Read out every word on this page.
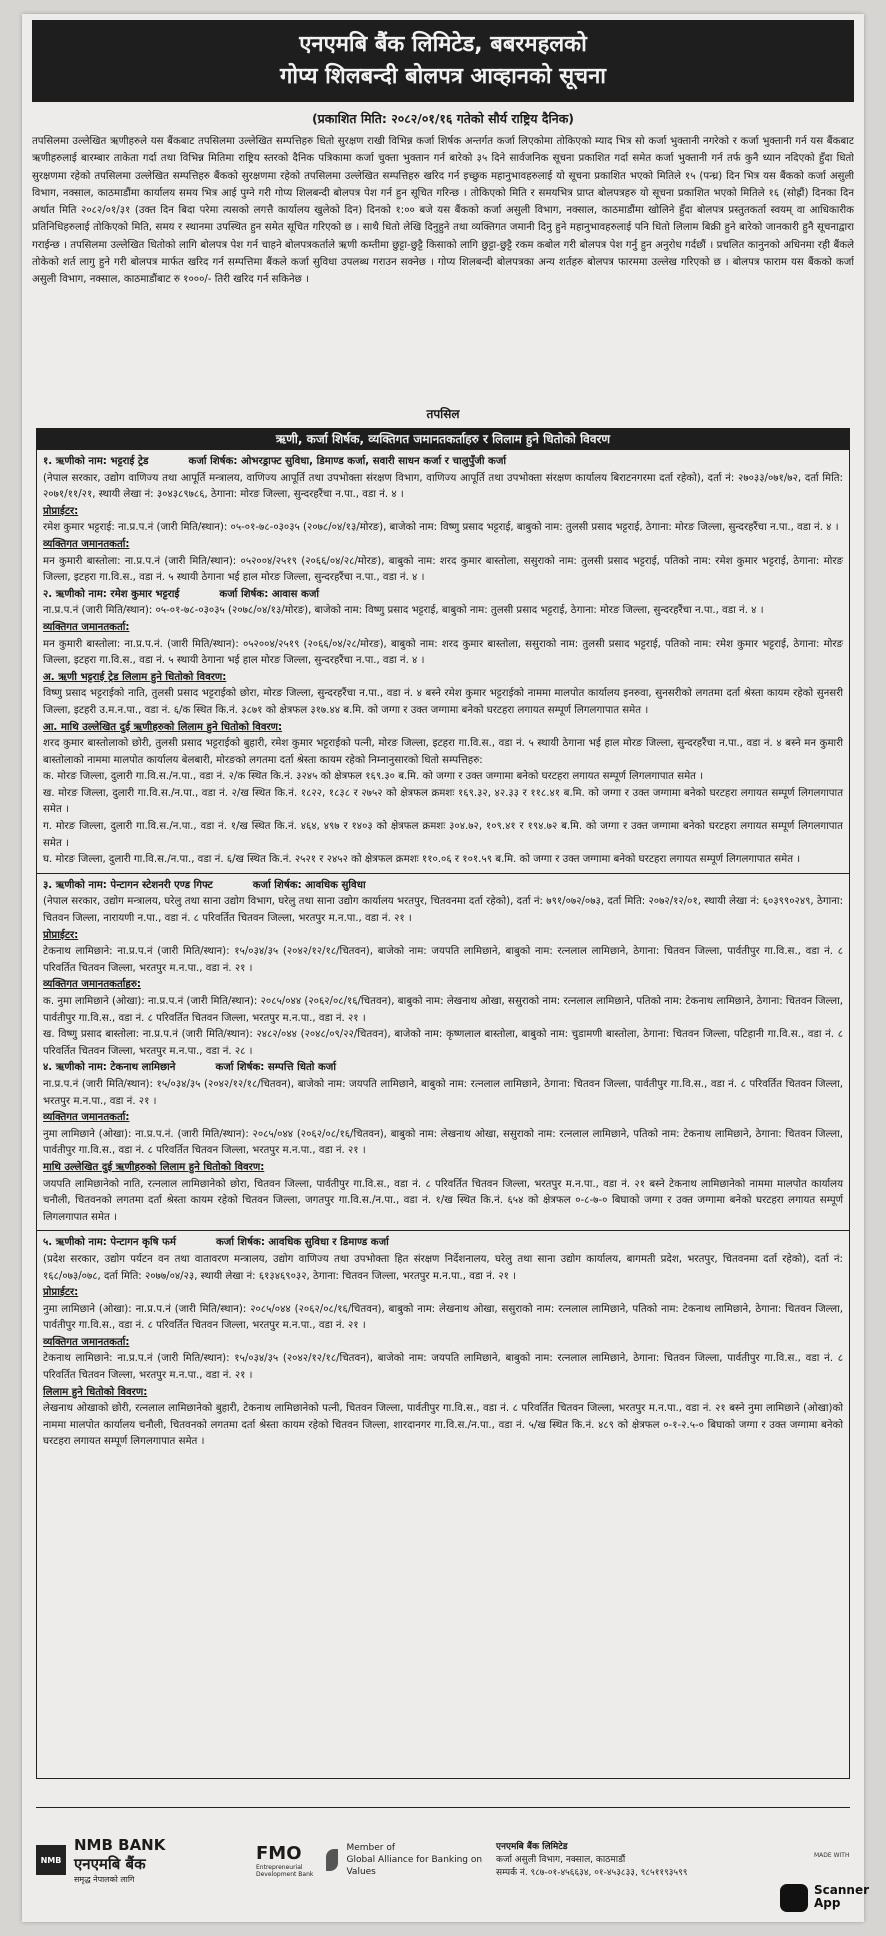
एनएमबि बैंक लिमिटेड, बबरमहलको
गोप्य शिलबन्दी बोलपत्र आव्हानको सूचना
(प्रकाशित मिति: २०८२/०१/१६ गतेको सौर्य राष्ट्रिय दैनिक)
तपसिलमा उल्लेखित ऋणीहरुले यस बैंकबाट तपसिलमा उल्लेखित सम्पत्तिहरु धितो सुरक्षण राखी विभिन्न कर्जा शिर्षक अन्तर्गत कर्जा लिएकोमा तोकिएको म्याद भित्र सो कर्जा भुक्तानी नगरेको र कर्जा भुक्तानी गर्न यस बैंकबाट ऋणीहरुलाई बारम्बार ताकेता गर्दा तथा विभिन्न मितिमा राष्ट्रिय स्तरको दैनिक पत्रिकामा कर्जा चुक्ता भुक्तान गर्न बारेको ३५ दिने सार्वजनिक सूचना प्रकाशित गर्दा समेत कर्जा भुक्तानी गर्न तर्फ कुनै ध्यान नदिएको हुँदा धितो सुरक्षणमा रहेको तपसिलमा उल्लेखित सम्पत्तिहरु बैंकको सुरक्षणमा रहेको तपसिलमा उल्लेखित सम्पत्तिहरु खरिद गर्न इच्छुक महानुभावहरुलाई यो सूचना प्रकाशित भएको मितिले १५ (पन्ध्र) दिन भित्र यस बैंकको कर्जा असुली विभाग, नक्साल, काठमाडौंमा कार्यालय समय भित्र आई पुग्ने गरी गोप्य शिलबन्दी बोलपत्र पेश गर्न हुन सूचित गरिन्छ । तोकिएको मिति र समयभित्र प्राप्त बोलपत्रहरु यो सूचना प्रकाशित भएको मितिले १६ (सोह्रौं) दिनका दिन अर्थात मिति २०८२/०१/३१ (उक्त दिन बिदा परेमा त्यसको लगत्तै कार्यालय खुलेको दिन) दिनको १:०० बजे यस बैंकको कर्जा असुली विभाग, नक्साल, काठमाडौंमा खोलिने हुँदा बोलपत्र प्रस्तुतकर्ता स्वयम् वा आधिकारीक प्रतिनिधिहरुलाई तोकिएको मिति, समय र स्थानमा उपस्थित हुन समेत सूचित गरिएको छ । साथै धितो लेखि दिनुहुने तथा व्यक्तिगत जमानी दिनु हुने महानुभावहरुलाई पनि धितो लिलाम बिक्री हुने बारेको जानकारी हुनै सूचनाद्वारा गराईन्छ । तपसिलमा उल्लेखित धितोको लागि बोलपत्र पेश गर्न चाहने बोलपत्रकर्ताले ऋणी कम्तीमा छुट्टा-छुट्टै किसाको लागि छुट्टा-छुट्टै रकम कबोल गरी बोलपत्र पेश गर्नु हुन अनुरोध गर्दछौं । प्रचलित कानुनको अधिनमा रही बैंकले तोकेको शर्त लागु हुने गरी बोलपत्र मार्फत खरिद गर्न सम्पत्तिमा बैंकले कर्जा सुविधा उपलब्ध गराउन सक्नेछ । गोप्य शिलबन्दी बोलपत्रका अन्य शर्तहरु बोलपत्र फारममा उल्लेख गरिएको छ । बोलपत्र फाराम यस बैंकको कर्जा असुली विभाग, नक्साल, काठमाडौंबाट रु १०००/- तिरी खरिद गर्न सकिनेछ ।
तपसिल
ऋणी, कर्जा शिर्षक, व्यक्तिगत जमानतकर्ताहरु र लिलाम हुने धितोको विवरण
१. ऋणीको नाम: भट्टराई ट्रेड	कर्जा शिर्षक: ओभरड्राफ्ट सुविधा, डिमाण्ड कर्जा, सवारी साधन कर्जा र चालुपुँजी कर्जा

(नेपाल सरकार, उद्योग वाणिज्य तथा आपूर्ति मन्त्रालय, वाणिज्य आपूर्ति तथा उपभोक्ता संरक्षण विभाग, वाणिज्य आपूर्ति तथा उपभोक्ता संरक्षण कार्यालय बिराटनगरमा दर्ता रहेको), दर्ता नं: २७०३३/०७१/७२, दर्ता मिति: २०७१/११/२१, स्थायी लेखा नं: ३०४३८९७८६, ठेगाना: मोरङ जिल्ला, सुन्दरहरैंचा न.पा., वडा नं. ४ ।

प्रोप्राईटर:

रमेश कुमार भट्टराई: ना.प्र.प.नं (जारी मिति/स्थान): ०५-०१-७८-०३०३५ (२०७८/०४/१३/मोरङ), बाजेको नाम: विष्णु प्रसाद भट्टराई, बाबुको नाम: तुलसी प्रसाद भट्टराई, ठेगाना: मोरङ जिल्ला, सुन्दरहरैंचा न.पा., वडा नं. ४ ।

व्यक्तिगत जमानतकर्ता:

मन कुमारी बास्तोला: ना.प्र.प.नं (जारी मिति/स्थान): ०५२००४/२५१९ (२०६६/०४/२८/मोरङ), बाबुको नाम: शरद कुमार बास्तोला, ससुराको नाम: तुलसी प्रसाद भट्टराई, पतिको नाम: रमेश कुमार भट्टराई, ठेगाना: मोरङ जिल्ला, इटहरा गा.वि.स., वडा नं. ५ स्थायी ठेगाना भई हाल मोरङ जिल्ला, सुन्दरहरैंचा न.पा., वडा नं. ४ ।

२. ऋणीको नाम: रमेश कुमार भट्टराई	कर्जा शिर्षक: आवास कर्जा

ना.प्र.प.नं (जारी मिति/स्थान): ०५-०१-७८-०३०३५ (२०७८/०४/१३/मोरङ), बाजेको नाम: विष्णु प्रसाद भट्टराई, बाबुको नाम: तुलसी प्रसाद भट्टराई, ठेगाना: मोरङ जिल्ला, सुन्दरहरैंचा न.पा., वडा नं. ४ ।

व्यक्तिगत जमानतकर्ता:

मन कुमारी बास्तोला: ना.प्र.प.नं. (जारी मिति/स्थान): ०५२००४/२५१९ (२०६६/०४/२८/मोरङ), बाबुको नाम: शरद कुमार बास्तोला, ससुराको नाम: तुलसी प्रसाद भट्टराई, पतिको नाम: रमेश कुमार भट्टराई, ठेगाना: मोरङ जिल्ला, इटहरा गा.वि.स., वडा नं. ५ स्थायी ठेगाना भई हाल मोरङ जिल्ला, सुन्दरहरैंचा न.पा., वडा नं. ४ ।

अ. ऋणी भट्टराई ट्रेड लिलाम हुने धितोको विवरण:

विष्णु प्रसाद भट्टराईको नाति, तुलसी प्रसाद भट्टराईको छोरा, मोरङ जिल्ला, सुन्दरहरैंचा न.पा., वडा नं. ४ बस्ने रमेश कुमार भट्टराईको नाममा मालपोत कार्यालय इनरुवा, सुनसरीको लगतमा दर्ता श्रेस्ता कायम रहेको सुनसरी जिल्ला, इटहरी उ.म.न.पा., वडा नं. ६/क स्थित कि.नं. ३८७१ को क्षेत्रफल ३१७.४४ ब.मि. को जग्गा र उक्त जग्गामा बनेको घरटहरा लगायत सम्पूर्ण लिगलगापात समेत ।

आ. माथि उल्लेखित दुई ऋणीहरुको लिलाम हुने धितोको विवरण:

शरद कुमार बास्तोलाको छोरी, तुलसी प्रसाद भट्टराईको बुहारी, रमेश कुमार भट्टराईको पत्नी, मोरङ जिल्ला, इटहरा गा.वि.स., वडा नं. ५ स्थायी ठेगाना भई हाल मोरङ जिल्ला, सुन्दरहरैंचा न.पा., वडा नं. ४ बस्ने मन कुमारी बास्तोलाको नाममा मालपोत कार्यालय बेलबारी, मोरङको लगतमा दर्ता श्रेस्ता कायम रहेको निम्नानुसारको धितो सम्पत्तिहरु:

क. मोरङ जिल्ला, दुलारी गा.वि.स./न.पा., वडा नं. २/क स्थित कि.नं. ३२४५ को क्षेत्रफल १६९.३० ब.मि. को जग्गा र उक्त जग्गामा बनेको घरटहरा लगायत सम्पूर्ण लिगलगापात समेत ।

ख. मोरङ जिल्ला, दुलारी गा.वि.स./न.पा., वडा नं. २/ख स्थित कि.नं. १८२२, १८३८ र २७५२ को क्षेत्रफल क्रमशः १६९.३२, ४२.३३ र ११८.४१ ब.मि. को जग्गा र उक्त जग्गामा बनेको घरटहरा लगायत सम्पूर्ण लिगलगापात समेत ।

ग. मोरङ जिल्ला, दुलारी गा.वि.स./न.पा., वडा नं. १/ख स्थित कि.नं. ४६४, ४९७ र १४०३ को क्षेत्रफल क्रमशः ३०४.७२, १०९.४१ र १९४.७२ ब.मि. को जग्गा र उक्त जग्गामा बनेको घरटहरा लगायत सम्पूर्ण लिगलगापात समेत ।

घ. मोरङ जिल्ला, दुलारी गा.वि.स./न.पा., वडा नं. ६/ख स्थित कि.नं. २५२१ र २४५२ को क्षेत्रफल क्रमशः ११०.०६ र १०१.५९ ब.मि. को जग्गा र उक्त जग्गामा बनेको घरटहरा लगायत सम्पूर्ण लिगलगापात समेत ।

३. ऋणीको नाम: पेन्टागन स्टेशनरी एण्ड गिफ्ट	कर्जा शिर्षक: आवधिक सुविधा

(नेपाल सरकार, उद्योग मन्त्रालय, घरेलु तथा साना उद्योग विभाग, घरेलु तथा साना उद्योग कार्यालय भरतपुर, चितवनमा दर्ता रहेको), दर्ता नं: ७९१/०७२/०७३, दर्ता मिति: २०७२/१२/०१, स्थायी लेखा नं: ६०३९९०२४९, ठेगाना: चितवन जिल्ला, नारायणी न.पा., वडा नं. ८ परिवर्तित चितवन जिल्ला, भरतपुर म.न.पा., वडा नं. २१ ।

प्रोप्राईटर:

टेकनाथ लामिछाने: ना.प्र.प.नं (जारी मिति/स्थान): १५/०३४/३५ (२०४२/१२/१८/चितवन), बाजेको नाम: जयपति लामिछाने, बाबुको नाम: रत्नलाल लामिछाने, ठेगाना: चितवन जिल्ला, पार्वतीपुर गा.वि.स., वडा नं. ८ परिवर्तित चितवन जिल्ला, भरतपुर म.न.पा., वडा नं. २१ ।

व्यक्तिगत जमानतकर्ताहरु:

क. नुमा लामिछाने (ओखा): ना.प्र.प.नं (जारी मिति/स्थान): २०८५/०४४ (२०६२/०८/१६/चितवन), बाबुको नाम: लेखनाथ ओखा, ससुराको नाम: रत्नलाल लामिछाने, पतिको नाम: टेकनाथ लामिछाने, ठेगाना: चितवन जिल्ला, पार्वतीपुर गा.वि.स., वडा नं. ८ परिवर्तित चितवन जिल्ला, भरतपुर म.न.पा., वडा नं. २१ ।

ख. विष्णु प्रसाद बास्तोला: ना.प्र.प.नं (जारी मिति/स्थान): २४८२/०४४ (२०४८/०९/२२/चितवन), बाजेको नाम: कृष्णलाल बास्तोला, बाबुको नाम: चुडामणी बास्तोला, ठेगाना: चितवन जिल्ला, पटिहानी गा.वि.स., वडा नं. ८ परिवर्तित चितवन जिल्ला, भरतपुर म.न.पा., वडा नं. २८ ।

४. ऋणीको नाम: टेकनाथ लामिछाने	कर्जा शिर्षक: सम्पत्ति धितो कर्जा

ना.प्र.प.नं (जारी मिति/स्थान): १५/०३४/३५ (२०४२/१२/१८/चितवन), बाजेको नाम: जयपति लामिछाने, बाबुको नाम: रत्नलाल लामिछाने, ठेगाना: चितवन जिल्ला, पार्वतीपुर गा.वि.स., वडा नं. ८ परिवर्तित चितवन जिल्ला, भरतपुर म.न.पा., वडा नं. २१ ।

व्यक्तिगत जमानतकर्ता:

नुमा लामिछाने (ओखा): ना.प्र.प.नं. (जारी मिति/स्थान): २०८५/०४४ (२०६२/०८/१६/चितवन), बाबुको नाम: लेखनाथ ओखा, ससुराको नाम: रत्नलाल लामिछाने, पतिको नाम: टेकनाथ लामिछाने, ठेगाना: चितवन जिल्ला, पार्वतीपुर गा.वि.स., वडा नं. ८ परिवर्तित चितवन जिल्ला, भरतपुर म.न.पा., वडा नं. २१ ।

माथि उल्लेखित दुई ऋणीहरुको लिलाम हुने धितोको विवरण:

जयपति लामिछानेको नाति, रत्नलाल लामिछानेको छोरा, चितवन जिल्ला, पार्वतीपुर गा.वि.स., वडा नं. ८ परिवर्तित चितवन जिल्ला, भरतपुर म.न.पा., वडा नं. २१ बस्ने टेकनाथ लामिछानेको नाममा मालपोत कार्यालय चनौली, चितवनको लगतमा दर्ता श्रेस्ता कायम रहेको चितवन जिल्ला, जगतपुर गा.वि.स./न.पा., वडा नं. १/ख स्थित कि.नं. ६५४ को क्षेत्रफल ०-८-७-० बिघाको जग्गा र उक्त जग्गामा बनेको घरटहरा लगायत सम्पूर्ण लिगलगापात समेत ।

५. ऋणीको नाम: पेन्टागन कृषि फर्म	कर्जा शिर्षक: आवधिक सुविधा र डिमाण्ड कर्जा

(प्रदेश सरकार, उद्योग पर्यटन वन तथा वातावरण मन्त्रालय, उद्योग वाणिज्य तथा उपभोक्ता हित संरक्षण निर्देशनालय, घरेलु तथा साना उद्योग कार्यालय, बागमती प्रदेश, भरतपुर, चितवनमा दर्ता रहेको), दर्ता नं: १६८/०७३/०७८, दर्ता मिति: २०७७/०४/२३, स्थायी लेखा नं: ६१३४६९०३२, ठेगाना: चितवन जिल्ला, भरतपुर म.न.पा., वडा नं. २१ ।

प्रोप्राईटर:

नुमा लामिछाने (ओखा): ना.प्र.प.नं (जारी मिति/स्थान): २०८५/०४४ (२०६२/०८/१६/चितवन), बाबुको नाम: लेखनाथ ओखा, ससुराको नाम: रत्नलाल लामिछाने, पतिको नाम: टेकनाथ लामिछाने, ठेगाना: चितवन जिल्ला, पार्वतीपुर गा.वि.स., वडा नं. ८ परिवर्तित चितवन जिल्ला, भरतपुर म.न.पा., वडा नं. २१ ।

व्यक्तिगत जमानतकर्ता:

टेकनाथ लामिछाने: ना.प्र.प.नं (जारी मिति/स्थान): १५/०३४/३५ (२०४२/१२/१८/चितवन), बाजेको नाम: जयपति लामिछाने, बाबुको नाम: रत्नलाल लामिछाने, ठेगाना: चितवन जिल्ला, पार्वतीपुर गा.वि.स., वडा नं. ८ परिवर्तित चितवन जिल्ला, भरतपुर म.न.पा., वडा नं. २१ ।

लिलाम हुने धितोको विवरण:

लेखनाथ ओखाको छोरी, रत्नलाल लामिछानेको बुहारी, टेकनाथ लामिछानेको पत्नी, चितवन जिल्ला, पार्वतीपुर गा.वि.स., वडा नं. ८ परिवर्तित चितवन जिल्ला, भरतपुर म.न.पा., वडा नं. २१ बस्ने नुमा लामिछाने (ओखा)को नाममा मालपोत कार्यालय चनौली, चितवनको लगतमा दर्ता श्रेस्ता कायम रहेको चितवन जिल्ला, शारदानगर गा.वि.स./न.पा., वडा नं. ५/ख स्थित कि.नं. ४८९ को क्षेत्रफल ०-१-२.५-० बिघाको जग्गा र उक्त जग्गामा बनेको घरटहरा लगायत सम्पूर्ण लिगलगापात समेत ।

NMB
NMB BANK
एनएमबि बैंक
समृद्ध नेपालको लागि
FMO
Entrepreneurial Development Bank
Member of
Global Alliance for Banking on Values
एनएमबि बैंक लिमिटेड
कर्जा असुली विभाग, नक्साल, काठमाडौं
सम्पर्क नं. ९८७-०१-४५६६३४, ०१-४५३८३३, ९८५११९३५९९
MADE WITH
Scanner App
